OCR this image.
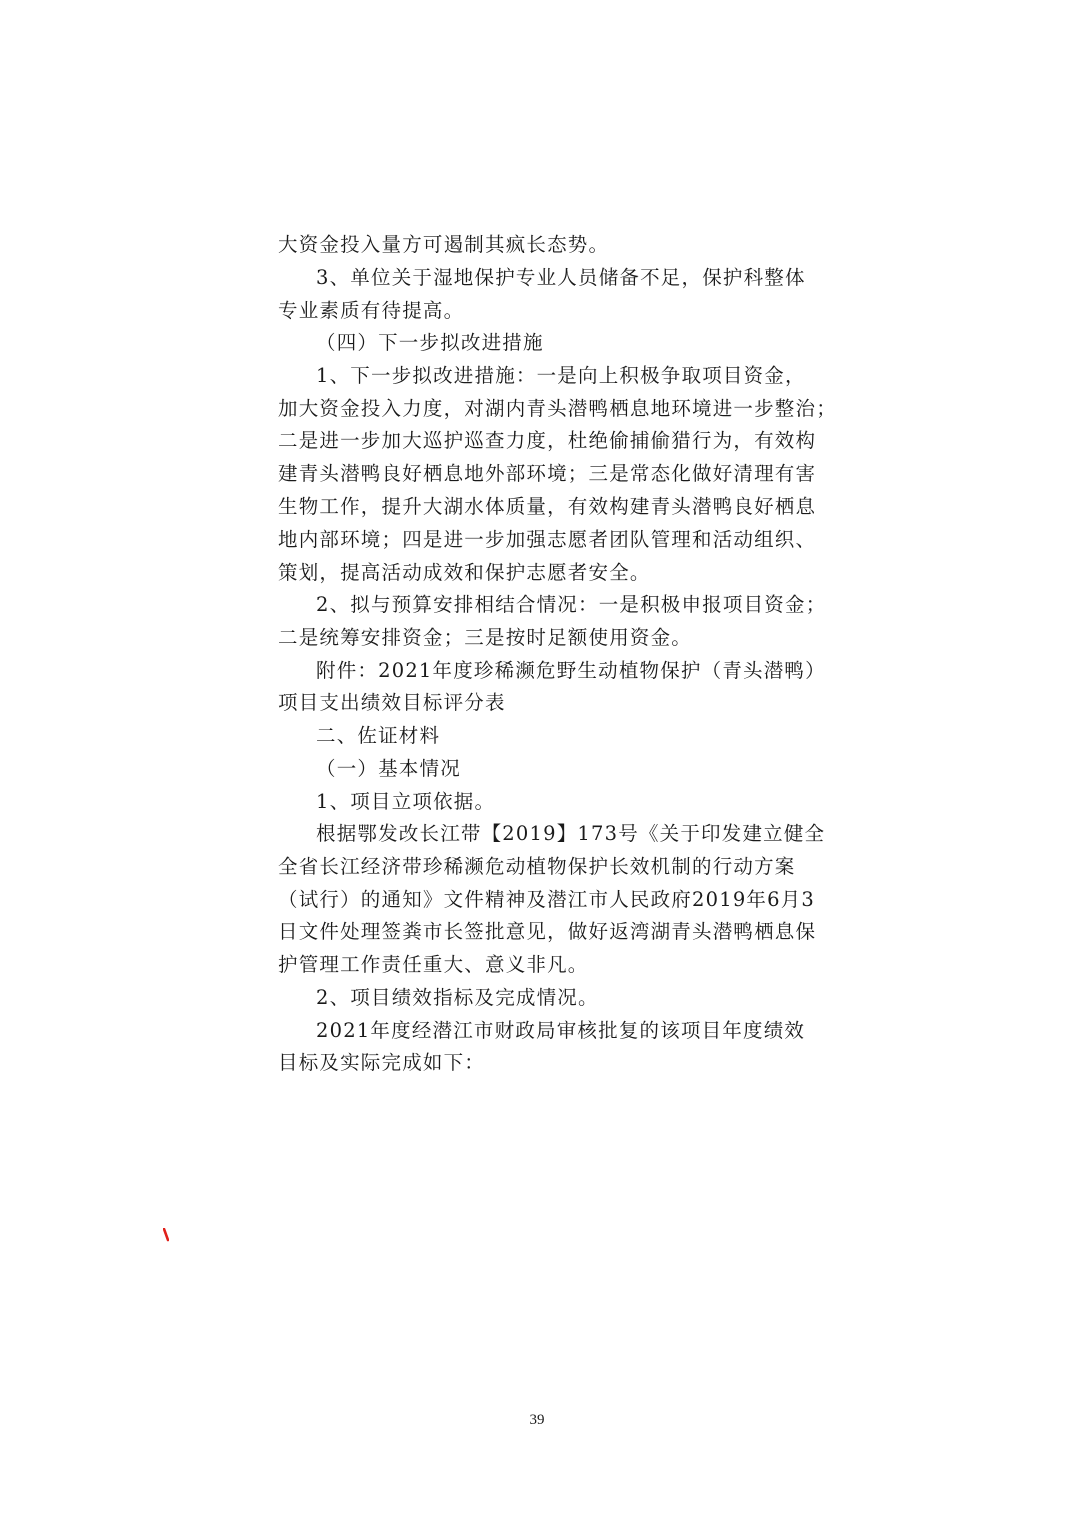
大资金投入量方可遏制其疯长态势。
3、单位关于湿地保护专业人员储备不足，保护科整体
专业素质有待提高。
（四）下一步拟改进措施
1、下一步拟改进措施：一是向上积极争取项目资金，
加大资金投入力度，对湖内青头潜鸭栖息地环境进一步整治；
二是进一步加大巡护巡查力度，杜绝偷捕偷猎行为，有效构
建青头潜鸭良好栖息地外部环境；三是常态化做好清理有害
生物工作，提升大湖水体质量，有效构建青头潜鸭良好栖息
地内部环境；四是进一步加强志愿者团队管理和活动组织、
策划，提高活动成效和保护志愿者安全。
2、拟与预算安排相结合情况：一是积极申报项目资金；
二是统筹安排资金；三是按时足额使用资金。
附件：2021年度珍稀濒危野生动植物保护（青头潜鸭）
项目支出绩效目标评分表
二、佐证材料
（一）基本情况
1、项目立项依据。
根据鄂发改长江带【2019】173号《关于印发建立健全
全省长江经济带珍稀濒危动植物保护长效机制的行动方案
（试行）的通知》文件精神及潜江市人民政府2019年6月3
日文件处理签粪市长签批意见，做好返湾湖青头潜鸭栖息保
护管理工作责任重大、意义非凡。
2、项目绩效指标及完成情况。
2021年度经潜江市财政局审核批复的该项目年度绩效
目标及实际完成如下：
39
